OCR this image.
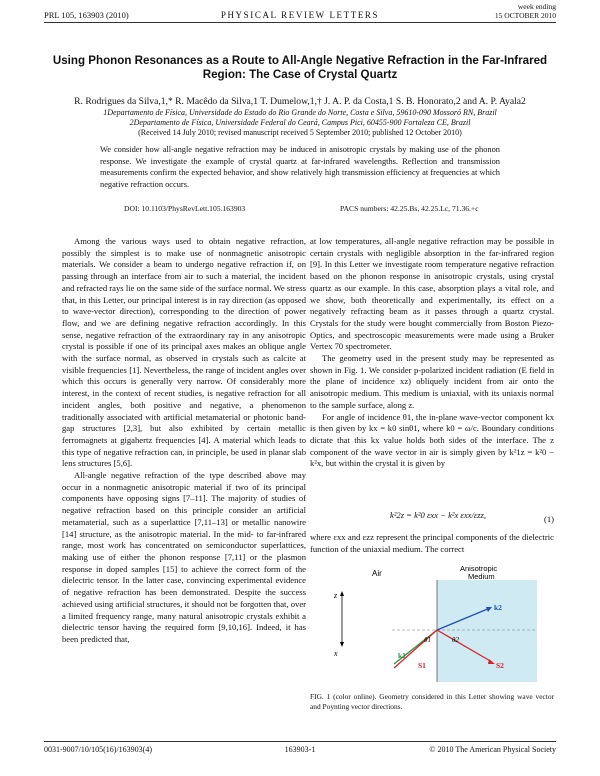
PRL 105, 163903 (2010)	PHYSICAL REVIEW LETTERS
week ending
15 OCTOBER 2010
Using Phonon Resonances as a Route to All-Angle Negative Refraction in the Far-Infrared Region: The Case of Crystal Quartz
R. Rodrigues da Silva,1,* R. Macêdo da Silva,1 T. Dumelow,1,† J. A. P. da Costa,1 S. B. Honorato,2 and A. P. Ayala2
1Departamento de Física, Universidade do Estado do Rio Grande do Norte, Costa e Silva, 59610-090 Mossoró RN, Brazil
2Departamento de Física, Universidade Federal do Ceará, Campus Pici, 60455-900 Fortaleza CE, Brazil
(Received 14 July 2010; revised manuscript received 5 September 2010; published 12 October 2010)
We consider how all-angle negative refraction may be induced in anisotropic crystals by making use of the phonon response. We investigate the example of crystal quartz at far-infrared wavelengths. Reflection and transmission measurements confirm the expected behavior, and show relatively high transmission efficiency at frequencies at which negative refraction occurs.
DOI: 10.1103/PhysRevLett.105.163903	PACS numbers: 42.25.Bs, 42.25.Lc, 71.36.+c

Among the various ways used to obtain negative refraction, possibly the simplest is to make use of nonmagnetic anisotropic materials. We consider a beam to undergo negative refraction if, on passing through an interface from air to such a material, the incident and refracted rays lie on the same side of the surface normal. We stress that, in this Letter, our principal interest is in ray direction (as opposed to wave-vector direction), corresponding to the direction of power flow, and we are defining negative refraction accordingly. In this sense, negative refraction of the extraordinary ray in any anisotropic crystal is possible if one of its principal axes makes an oblique angle with the surface normal, as observed in crystals such as calcite at visible frequencies [1]. Nevertheless, the range of incident angles over which this occurs is generally very narrow. Of considerably more interest, in the context of recent studies, is negative refraction for all incident angles, both positive and negative, a phenomenon traditionally associated with artificial metamaterial or photonic band-gap structures [2,3], but also exhibited by certain metallic ferromagnets at gigahertz frequencies [4]. A material which leads to this type of negative refraction can, in principle, be used in planar slab lens structures [5,6].

All-angle negative refraction of the type described above may occur in a nonmagnetic anisotropic material if two of its principal components have opposing signs [7–11]. The majority of studies of negative refraction based on this principle consider an artificial metamaterial, such as a superlattice [7,11–13] or metallic nanowire [14] structure, as the anisotropic material. In the mid- to far-infrared range, most work has concentrated on semiconductor superlattices, making use of either the phonon response [7,11] or the plasmon response in doped samples [15] to achieve the correct form of the dielectric tensor. In the latter case, convincing experimental evidence of negative refraction has been demonstrated. Despite the success achieved using artificial structures, it should not be forgotten that, over a limited frequency range, many natural anisotropic crystals exhibit a dielectric tensor having the required form [9,10,16]. Indeed, it has been predicted that,

at low temperatures, all-angle negative refraction may be possible in certain crystals with negligible absorption in the far-infrared region [9]. In this Letter we investigate room temperature negative refraction based on the phonon response in anisotropic crystals, using crystal quartz as our example. In this case, absorption plays a vital role, and we show, both theoretically and experimentally, its effect on a negatively refracting beam as it passes through a quartz crystal. Crystals for the study were bought commercially from Boston Piezo-Optics, and spectroscopic measurements were made using a Bruker Vertex 70 spectrometer.

The geometry used in the present study may be represented as shown in Fig. 1. We consider p-polarized incident radiation (E field in the plane of incidence xz) obliquely incident from air onto the anisotropic medium. This medium is uniaxial, with its uniaxis normal to the sample surface, along z.

For angle of incidence θ1, the in-plane wave-vector component kx is then given by kx = k0 sinθ1, where k0 = ω/c. Boundary conditions dictate that this kx value holds both sides of the interface. The z component of the wave vector in air is simply given by k²1z = k²0 − k²x, but within the crystal it is given by

k²2z = k²0 εxx − k²x εxx/εzz,	(1)
where εxx and εzz represent the principal components of the dielectric function of the uniaxial medium. The correct
Air
Anisotropic
Medium
z
x	k1
S1
θ1
k2
S2
θ2
FIG. 1 (color online). Geometry considered in this Letter showing wave vector and Poynting vector directions.
0031-9007/10/105(16)/163903(4)	163903-1	© 2010 The American Physical Society
